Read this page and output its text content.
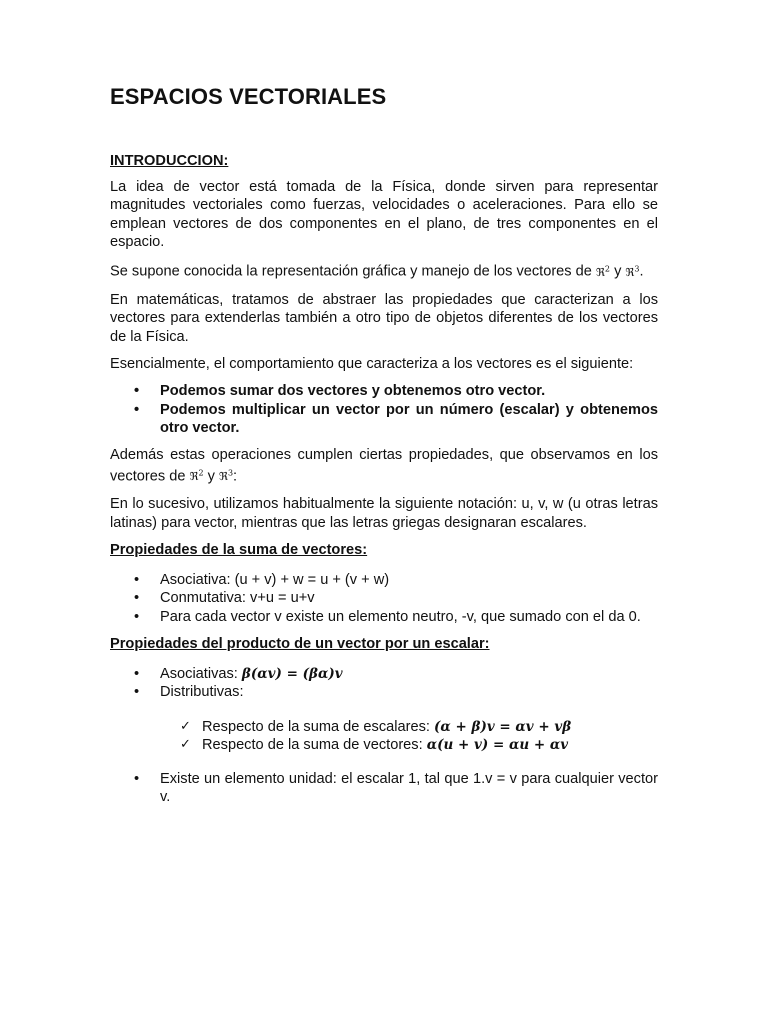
ESPACIOS VECTORIALES
INTRODUCCION:

La idea de vector está tomada de la Física, donde sirven para representar magnitudes vectoriales como fuerzas, velocidades o aceleraciones. Para ello se emplean vectores de dos componentes en el plano, de tres componentes en el espacio.

Se supone conocida la representación gráfica y manejo de los vectores de ℜ$^2$ y ℜ$^3$.

En matemáticas, tratamos de abstraer las propiedades que caracterizan a los vectores para extenderlas también a otro tipo de objetos diferentes de los vectores de la Física.

Esencialmente, el comportamiento que caracteriza a los vectores es el siguiente:

• Podemos sumar dos vectores y obtenemos otro vector.
• Podemos multiplicar un vector por un número (escalar) y obtenemos otro vector.

Además estas operaciones cumplen ciertas propiedades, que observamos en los vectores de ℜ$^2$ y ℜ$^3$:

En lo sucesivo, utilizamos habitualmente la siguiente notación: u, v, w (u otras letras latinas) para vector, mientras que las letras griegas designaran escalares.

Propiedades de la suma de vectores:
• Asociativa: (u + v) + w = u + (v + w)
• Conmutativa: v+u = u+v
• Para cada vector v existe un elemento neutro, -v, que sumado con el da 0.
Propiedades del producto de un vector por un escalar:
• Asociativas: β(αv) = (βα)v
• Distributivas:
✓ Respecto de la suma de escalares: (α + β)v = αv + vβ
✓ Respecto de la suma de vectores: α(u + v) = αu + αv
• Existe un elemento unidad: el escalar 1, tal que 1.v = v para cualquier vector v.
